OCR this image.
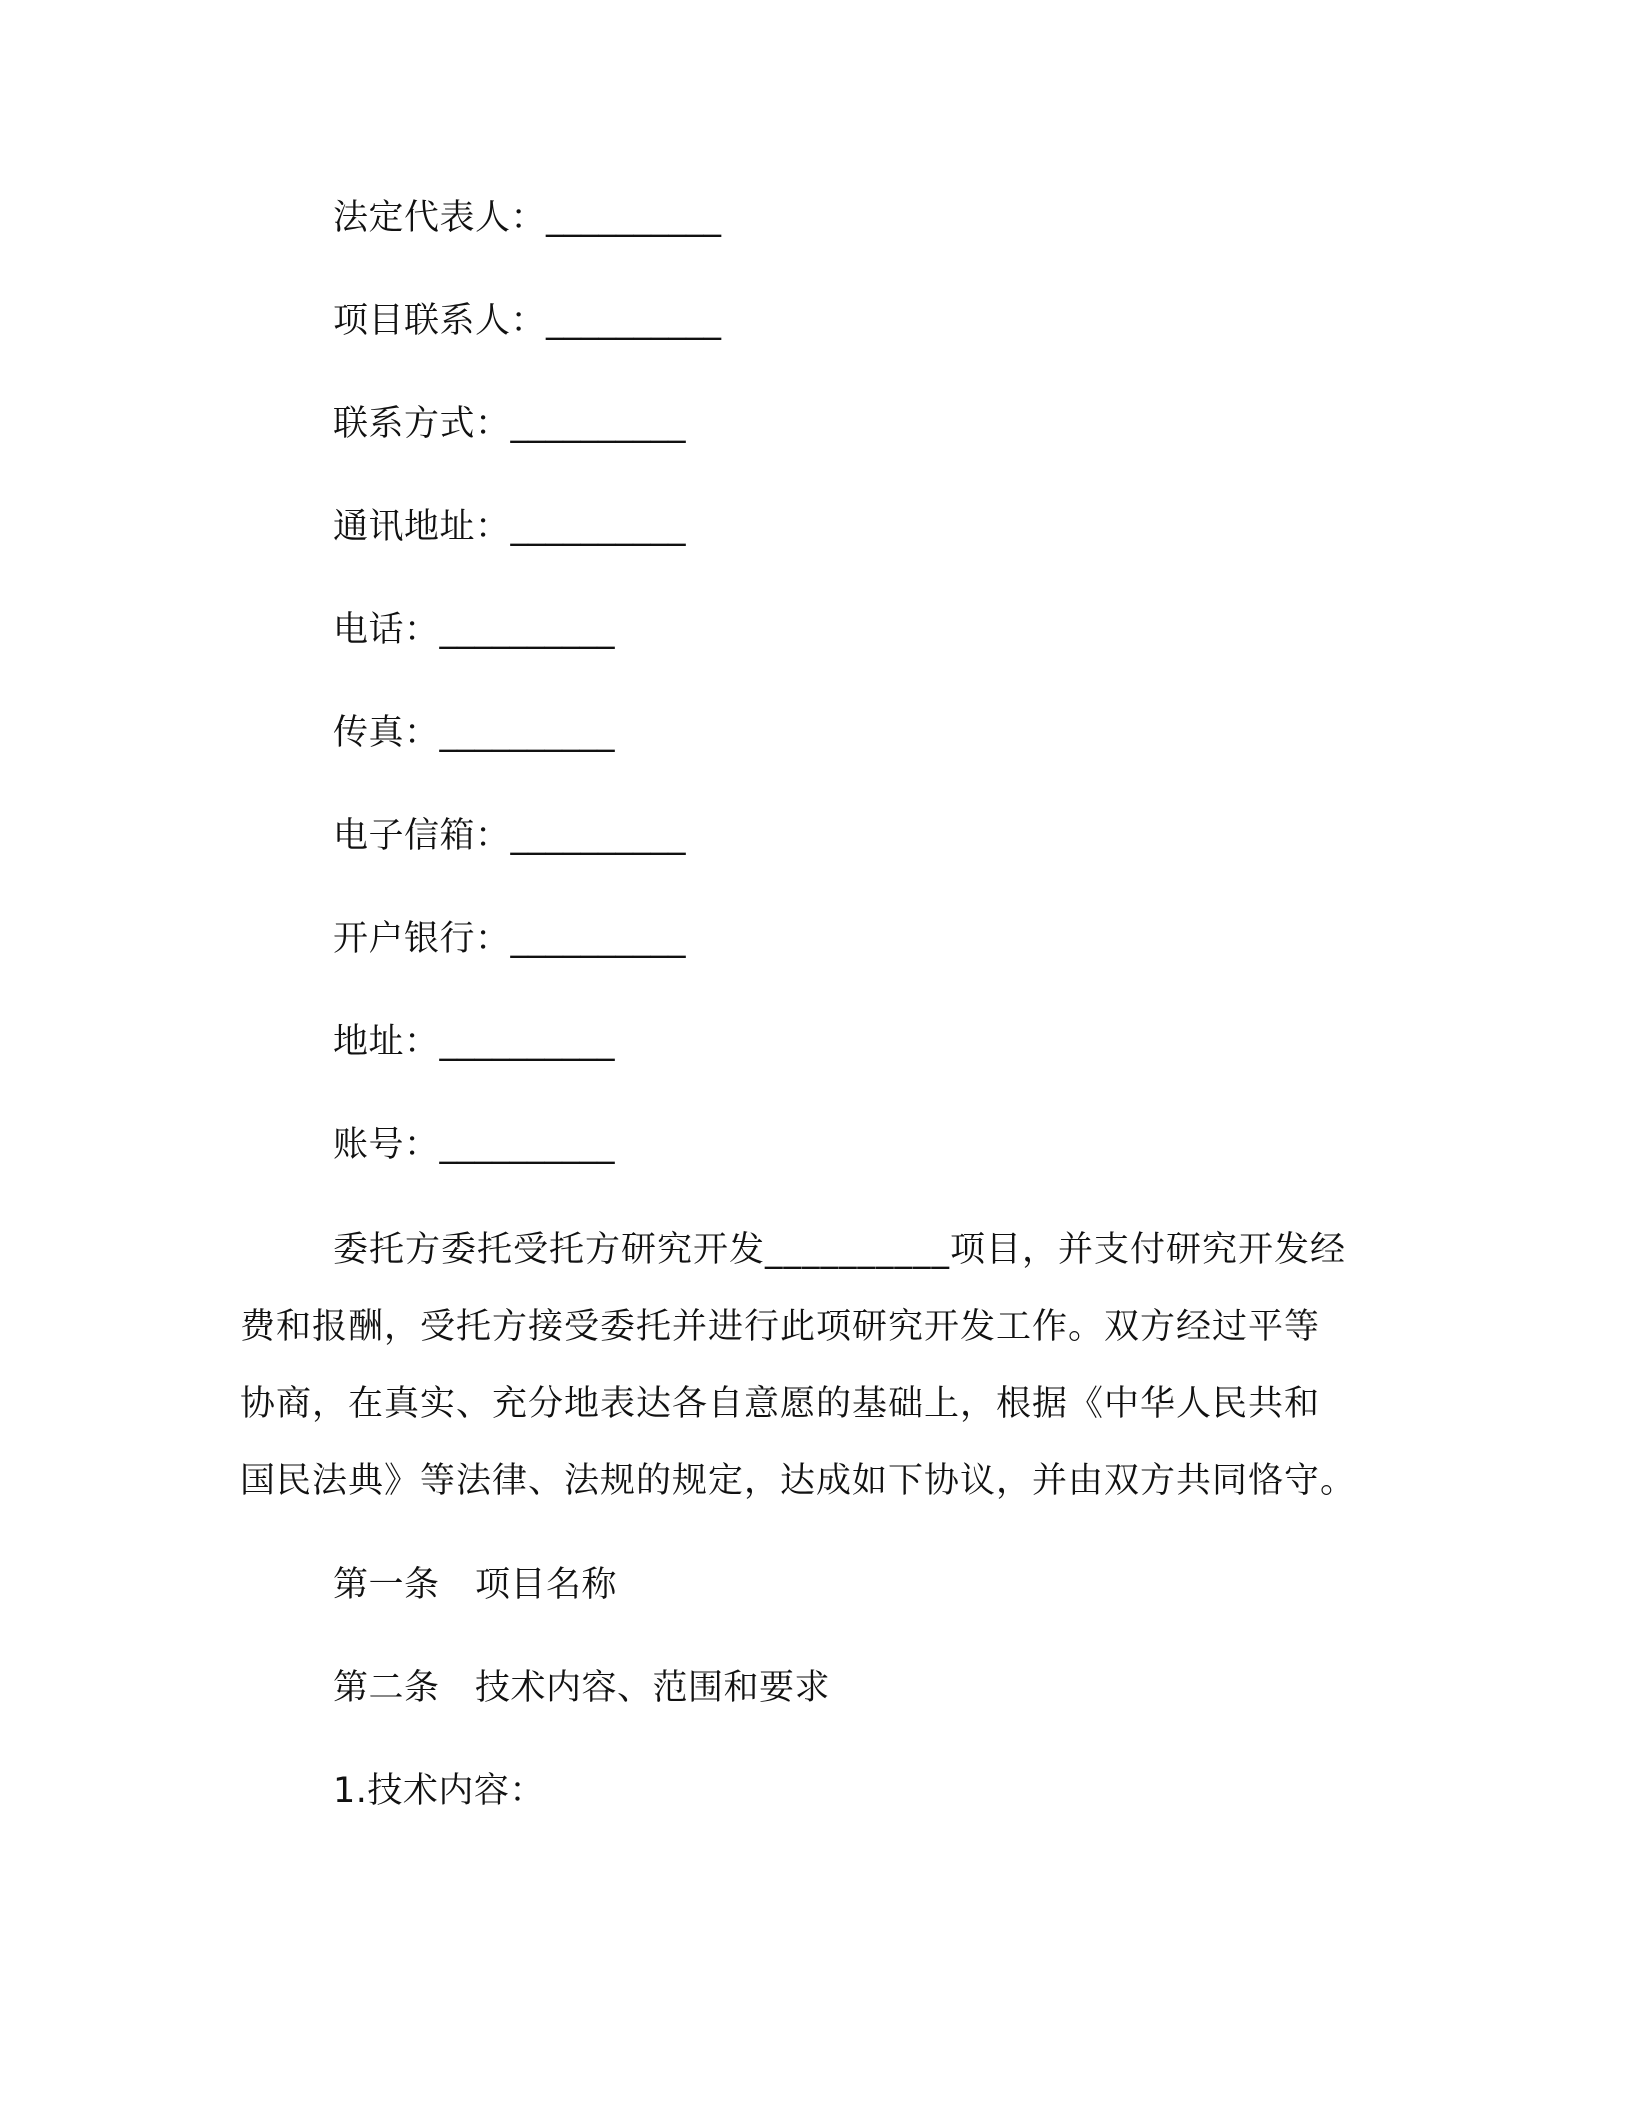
法定代表人：__________
项目联系人：__________
联系方式：__________
通讯地址：__________
电话：__________
传真：__________
电子信箱：__________
开户银行：__________
地址：__________
账号：__________
委托方委托受托方研究开发__________项目，并支付研究开发经
费和报酬，受托方接受委托并进行此项研究开发工作。双方经过平等
协商，在真实、充分地表达各自意愿的基础上，根据《中华人民共和
国民法典》等法律、法规的规定，达成如下协议，并由双方共同恪守。
第一条　项目名称
第二条　技术内容、范围和要求
1.技术内容：
